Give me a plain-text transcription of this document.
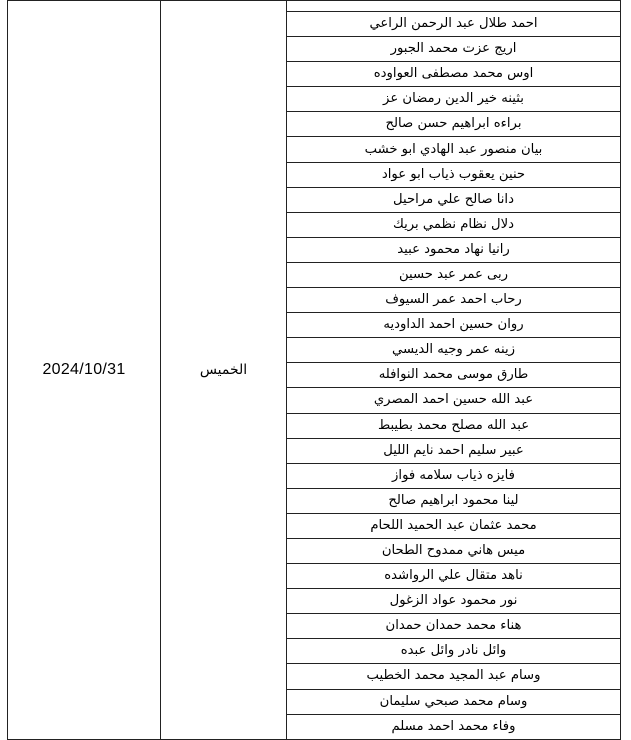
2024/10/31	الخميس	
احمد طلال عبد الرحمن الراعي
اريج عزت محمد الجبور
اوس محمد مصطفى العواوده
بثينه خير الدين رمضان عز
براءه ابراهيم حسن صالح
بيان منصور عبد الهادي ابو خشب
حنين يعقوب ذياب ابو عواد
دانا صالح علي مراحيل
دلال نظام نظمي بريك
رانيا نهاد محمود عبيد
ربى عمر عبد حسين
رحاب احمد عمر السيوف
روان حسين احمد الداوديه
زينه عمر وجيه الديسي
طارق موسى محمد النوافله
عبد الله حسين احمد المصري
عبد الله مصلح محمد بطيبط
عبير سليم احمد نايم الليل
فايزه ذياب سلامه فواز
لينا محمود ابراهيم صالح
محمد عثمان عبد الحميد اللحام
ميس هاني ممدوح الطحان
ناهد متقال علي الرواشده
نور محمود عواد الزغول
هناء محمد حمدان حمدان
وائل نادر وائل عبده
وسام عبد المجيد محمد الخطيب
وسام محمد صبحي سليمان
وفاء محمد احمد مسلم
